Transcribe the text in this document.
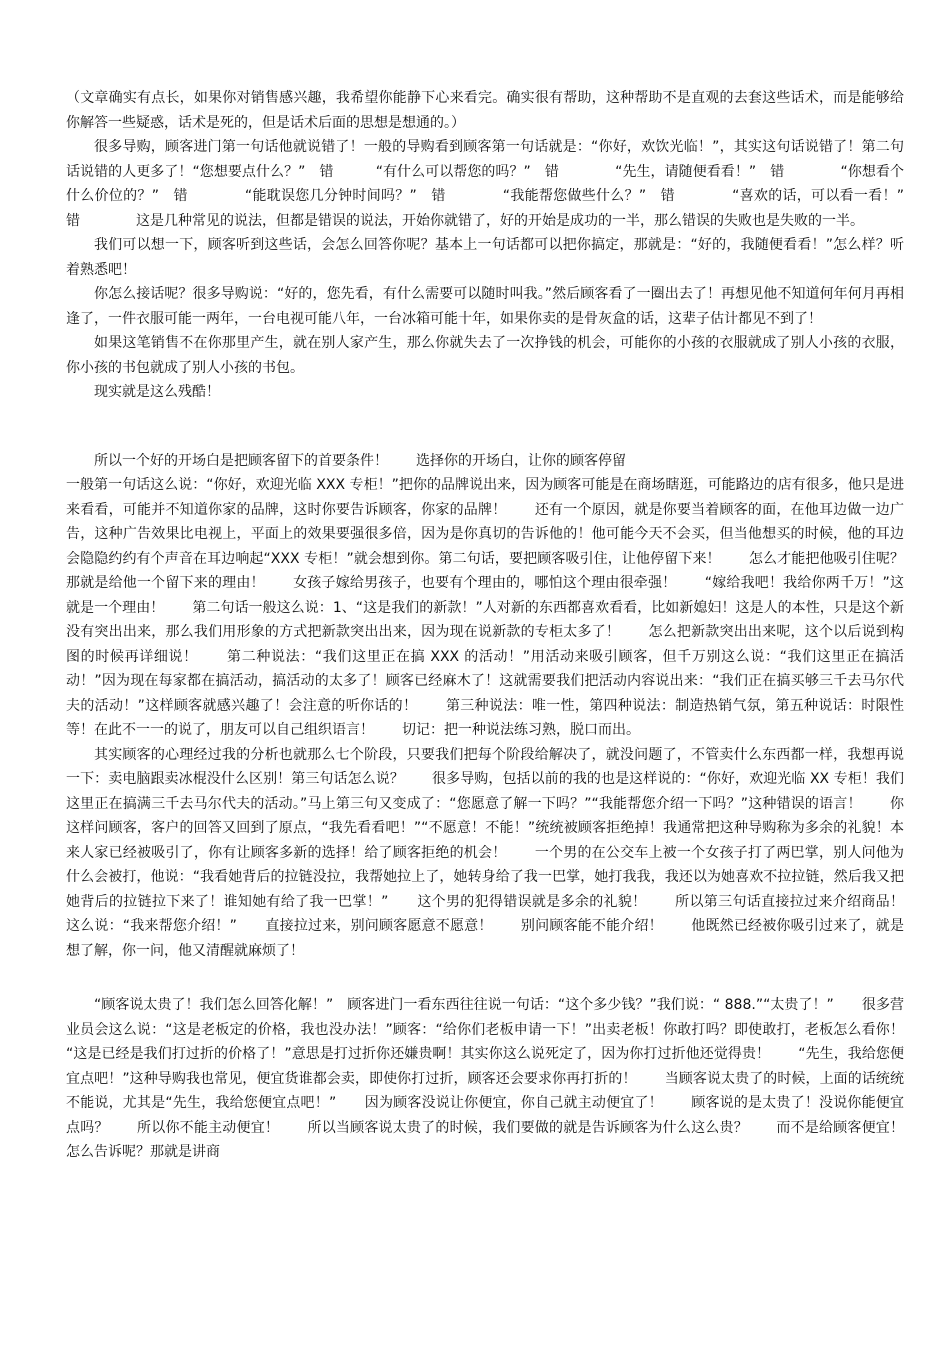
（文章确实有点长，如果你对销售感兴趣，我希望你能静下心来看完。确实很有帮助，这种帮助不是直观的去套这些话术，而是能够给你解答一些疑惑，话术是死的，但是话术后面的思想是想通的。）

很多导购，顾客进门第一句话他就说错了！一般的导购看到顾客第一句话就是：“你好，欢饮光临！”，其实这句话说错了！第二句话说错的人更多了！“您想要点什么？”　错　　　“有什么可以帮您的吗？”　错　　　　“先生，请随便看看！”　错　　　　“你想看个什么价位的？”　错　　　　“能耽误您几分钟时间吗？”　错　　　　“我能帮您做些什么？”　错　　　　“喜欢的话，可以看一看！”　错　　　　这是几种常见的说法，但都是错误的说法，开始你就错了，好的开始是成功的一半，那么错误的失败也是失败的一半。

我们可以想一下，顾客听到这些话，会怎么回答你呢？基本上一句话都可以把你搞定，那就是：“好的，我随便看看！”怎么样？听着熟悉吧！

你怎么接话呢？很多导购说：“好的，您先看，有什么需要可以随时叫我。”然后顾客看了一圈出去了！再想见他不知道何年何月再相逢了，一件衣服可能一两年，一台电视可能八年，一台冰箱可能十年，如果你卖的是骨灰盒的话，这辈子估计都见不到了！

如果这笔销售不在你那里产生，就在别人家产生，那么你就失去了一次挣钱的机会，可能你的小孩的衣服就成了别人小孩的衣服，你小孩的书包就成了别人小孩的书包。

现实就是这么残酷！

所以一个好的开场白是把顾客留下的首要条件！　　选择你的开场白，让你的顾客停留

一般第一句话这么说：“你好，欢迎光临 XXX 专柜！”把你的品牌说出来，因为顾客可能是在商场瞎逛，可能路边的店有很多，他只是进来看看，可能并不知道你家的品牌，这时你要告诉顾客，你家的品牌！　　还有一个原因，就是你要当着顾客的面，在他耳边做一边广告，这种广告效果比电视上，平面上的效果要强很多倍，因为是你真切的告诉他的！他可能今天不会买，但当他想买的时候，他的耳边会隐隐约约有个声音在耳边响起“XXX 专柜！”就会想到你。第二句话，要把顾客吸引住，让他停留下来！　　怎么才能把他吸引住呢？　　那就是给他一个留下来的理由！　　女孩子嫁给男孩子，也要有个理由的，哪怕这个理由很牵强！　　“嫁给我吧！我给你两千万！”这就是一个理由！　　第二句话一般这么说：1、“这是我们的新款！”人对新的东西都喜欢看看，比如新媳妇！这是人的本性，只是这个新没有突出出来，那么我们用形象的方式把新款突出出来，因为现在说新款的专柜太多了！　　怎么把新款突出出来呢，这个以后说到构图的时候再详细说！　　第二种说法：“我们这里正在搞 XXX 的活动！”用活动来吸引顾客，但千万别这么说：“我们这里正在搞活动！”因为现在每家都在搞活动，搞活动的太多了！顾客已经麻木了！这就需要我们把活动内容说出来：“我们正在搞买够三千去马尔代夫的活动！”这样顾客就感兴趣了！会注意的听你话的！　　第三种说法：唯一性，第四种说法：制造热销气氛，第五种说话：时限性等！在此不一一的说了，朋友可以自己组织语言！　　切记：把一种说法练习熟，脱口而出。

其实顾客的心理经过我的分析也就那么七个阶段，只要我们把每个阶段给解决了，就没问题了，不管卖什么东西都一样，我想再说一下：卖电脑跟卖冰棍没什么区别！第三句话怎么说？　　很多导购，包括以前的我的也是这样说的：“你好，欢迎光临 XX 专柜！我们这里正在搞满三千去马尔代夫的活动。”马上第三句又变成了：“您愿意了解一下吗？”“我能帮您介绍一下吗？”这种错误的语言！　　你这样问顾客，客户的回答又回到了原点，“我先看看吧！”“不愿意！不能！”统统被顾客拒绝掉！我通常把这种导购称为多余的礼貌！本来人家已经被吸引了，你有让顾客多新的选择！给了顾客拒绝的机会！　　一个男的在公交车上被一个女孩子打了两巴掌，别人问他为什么会被打，他说：“我看她背后的拉链没拉，我帮她拉上了，她转身给了我一巴掌，她打我我，我还以为她喜欢不拉拉链，然后我又把她背后的拉链拉下来了！谁知她有给了我一巴掌！”　　这个男的犯得错误就是多余的礼貌！　　所以第三句话直接拉过来介绍商品！　　这么说：“我来帮您介绍！”　　直接拉过来，别问顾客愿意不愿意！　　别问顾客能不能介绍！　　他既然已经被你吸引过来了，就是想了解，你一问，他又清醒就麻烦了！

“顾客说太贵了！我们怎么回答化解！”　顾客进门一看东西往往说一句话：“这个多少钱？”我们说：“ 888.”“太贵了！”　　很多营业员会这么说：“这是老板定的价格，我也没办法！”顾客：“给你们老板申请一下！”出卖老板！你敢打吗？即使敢打，老板怎么看你！　　“这是已经是我们打过折的价格了！”意思是打过折你还嫌贵啊！其实你这么说死定了，因为你打过折他还觉得贵！　　“先生，我给您便宜点吧！”这种导购我也常见，便宜货谁都会卖，即使你打过折，顾客还会要求你再打折的！　　当顾客说太贵了的时候，上面的话统统不能说，尤其是“先生，我给您便宜点吧！”　　因为顾客没说让你便宜，你自己就主动便宜了！　　顾客说的是太贵了！没说你能便宜点吗？　　所以你不能主动便宜！　　所以当顾客说太贵了的时候，我们要做的就是告诉顾客为什么这么贵？　　而不是给顾客便宜！　　怎么告诉呢？那就是讲商
